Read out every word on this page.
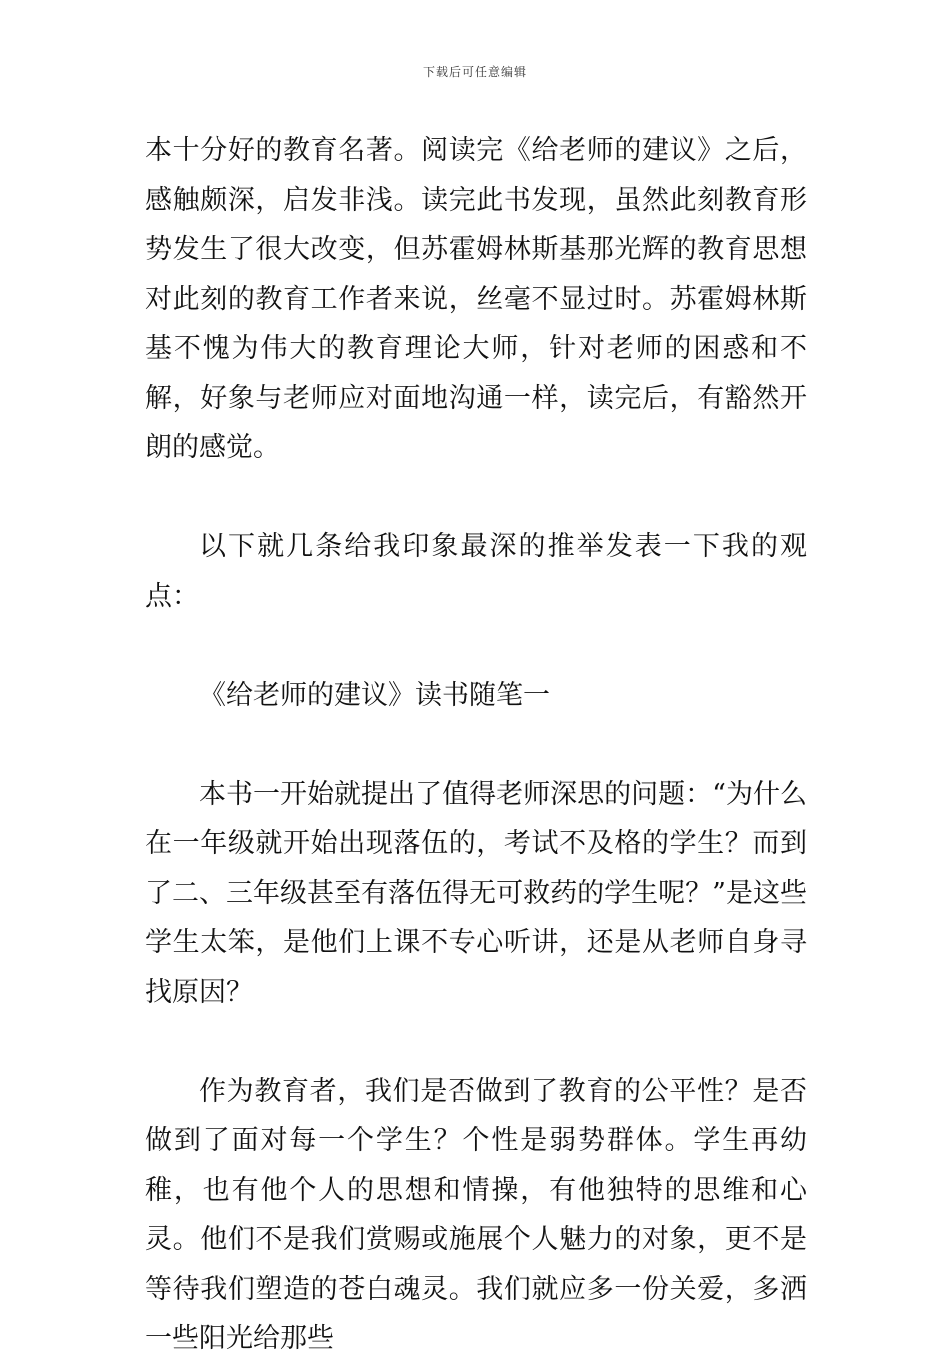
下载后可任意编辑

本十分好的教育名著。阅读完《给老师的建议》之后，感触颇深，启发非浅。读完此书发现，虽然此刻教育形势发生了很大改变，但苏霍姆林斯基那光辉的教育思想对此刻的教育工作者来说，丝毫不显过时。苏霍姆林斯基不愧为伟大的教育理论大师，针对老师的困惑和不解，好象与老师应对面地沟通一样，读完后，有豁然开朗的感觉。

以下就几条给我印象最深的推举发表一下我的观点：

《给老师的建议》读书随笔一

本书一开始就提出了值得老师深思的问题：“为什么在一年级就开始出现落伍的，考试不及格的学生？而到了二、三年级甚至有落伍得无可救药的学生呢？”是这些学生太笨，是他们上课不专心听讲，还是从老师自身寻找原因？

作为教育者，我们是否做到了教育的公平性？是否做到了面对每一个学生？个性是弱势群体。学生再幼稚，也有他个人的思想和情操，有他独特的思维和心灵。他们不是我们赏赐或施展个人魅力的对象，更不是等待我们塑造的苍白魂灵。我们就应多一份关爱，多洒一些阳光给那些
